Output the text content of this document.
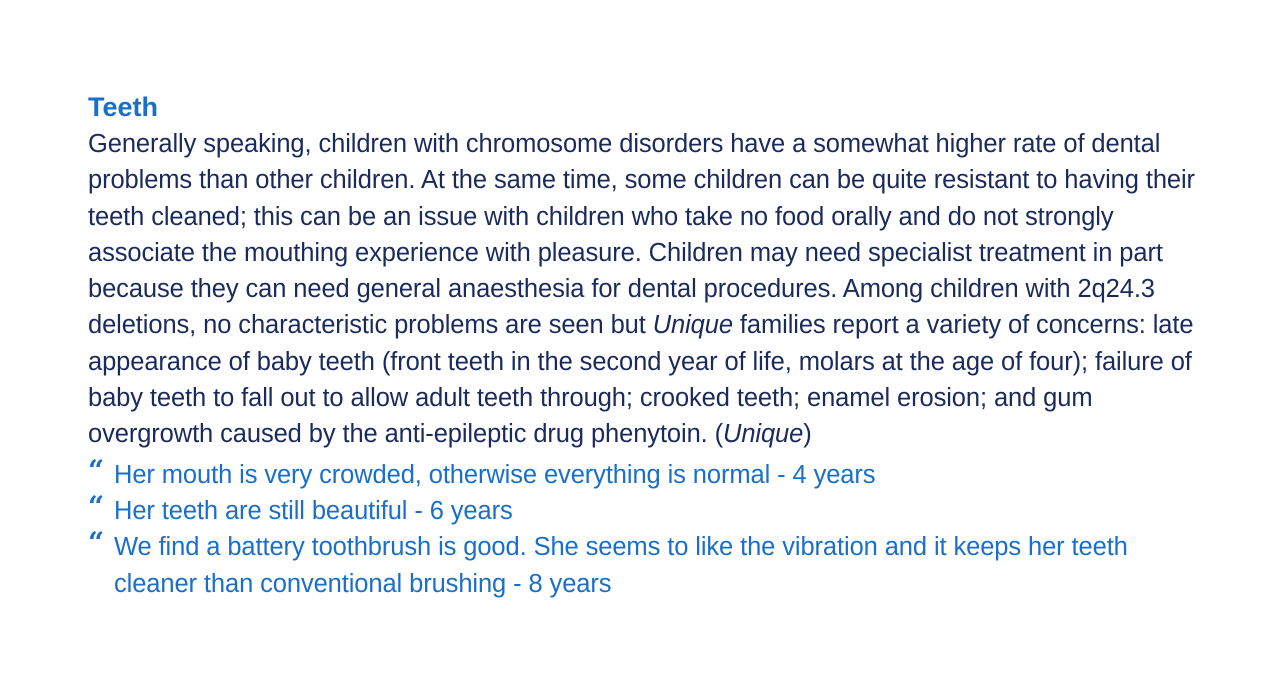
Teeth

Generally speaking, children with chromosome disorders have a somewhat higher rate of dental problems than other children. At the same time, some children can be quite resistant to having their teeth cleaned; this can be an issue with children who take no food orally and do not strongly associate the mouthing experience with pleasure. Children may need specialist treatment in part because they can need general anaesthesia for dental procedures. Among children with 2q24.3 deletions, no characteristic problems are seen but Unique families report a variety of concerns: late appearance of baby teeth (front teeth in the second year of life, molars at the age of four); failure of baby teeth to fall out to allow adult teeth through; crooked teeth; enamel erosion; and gum overgrowth caused by the anti-epileptic drug phenytoin. (Unique)

“ Her mouth is very crowded, otherwise everything is normal - 4 years
“ Her teeth are still beautiful - 6 years
“ We find a battery toothbrush is good. She seems to like the vibration and it keeps her teeth cleaner than conventional brushing - 8 years
